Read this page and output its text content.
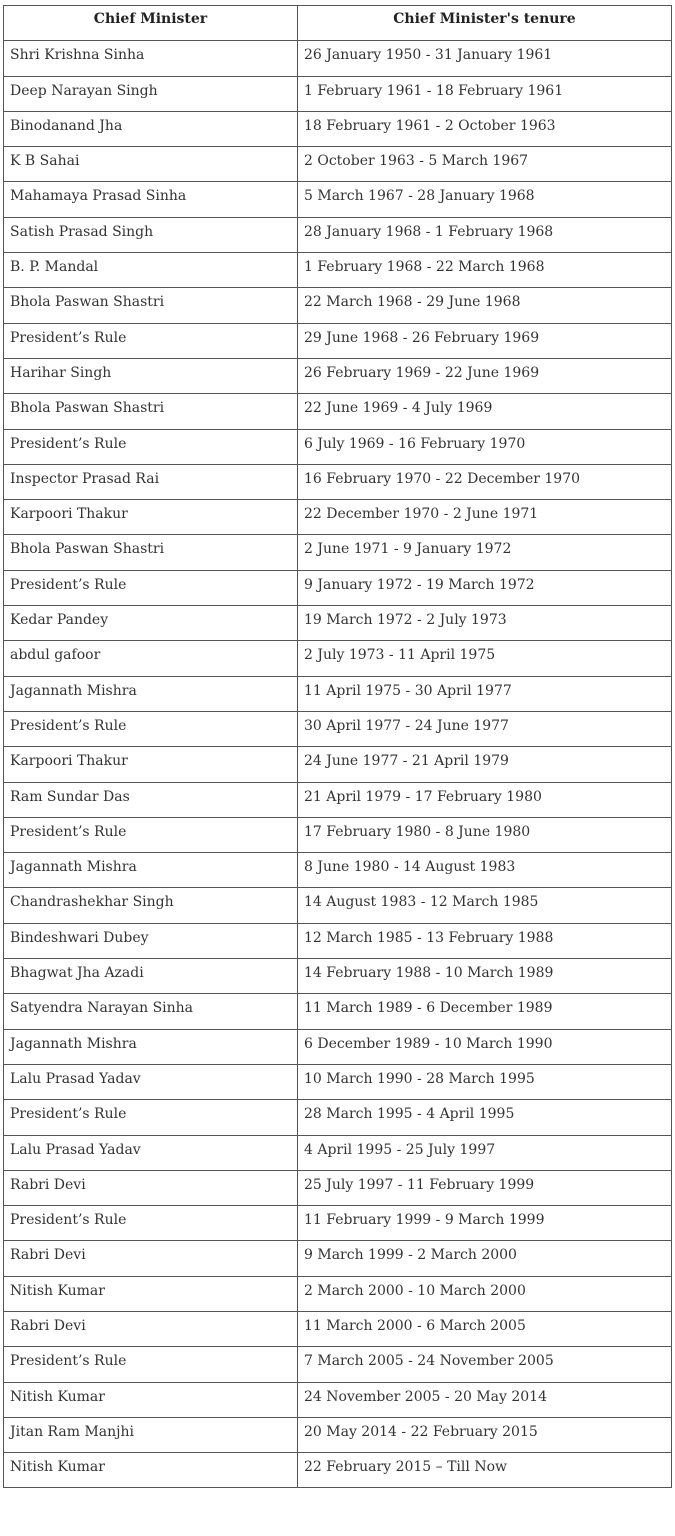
Chief Minister	Chief Minister's tenure
Shri Krishna Sinha	26 January 1950 - 31 January 1961
Deep Narayan Singh	1 February 1961 - 18 February 1961
Binodanand Jha	18 February 1961 - 2 October 1963
K B Sahai	2 October 1963 - 5 March 1967
Mahamaya Prasad Sinha	5 March 1967 - 28 January 1968
Satish Prasad Singh	28 January 1968 - 1 February 1968
B. P. Mandal	1 February 1968 - 22 March 1968
Bhola Paswan Shastri	22 March 1968 - 29 June 1968
President’s Rule	29 June 1968 - 26 February 1969
Harihar Singh	26 February 1969 - 22 June 1969
Bhola Paswan Shastri	22 June 1969 - 4 July 1969
President’s Rule	6 July 1969 - 16 February 1970
Inspector Prasad Rai	16 February 1970 - 22 December 1970
Karpoori Thakur	22 December 1970 - 2 June 1971
Bhola Paswan Shastri	2 June 1971 - 9 January 1972
President’s Rule	9 January 1972 - 19 March 1972
Kedar Pandey	19 March 1972 - 2 July 1973
abdul gafoor	2 July 1973 - 11 April 1975
Jagannath Mishra	11 April 1975 - 30 April 1977
President’s Rule	30 April 1977 - 24 June 1977
Karpoori Thakur	24 June 1977 - 21 April 1979
Ram Sundar Das	21 April 1979 - 17 February 1980
President’s Rule	17 February 1980 - 8 June 1980
Jagannath Mishra	8 June 1980 - 14 August 1983
Chandrashekhar Singh	14 August 1983 - 12 March 1985
Bindeshwari Dubey	12 March 1985 - 13 February 1988
Bhagwat Jha Azadi	14 February 1988 - 10 March 1989
Satyendra Narayan Sinha	11 March 1989 - 6 December 1989
Jagannath Mishra	6 December 1989 - 10 March 1990
Lalu Prasad Yadav	10 March 1990 - 28 March 1995
President’s Rule	28 March 1995 - 4 April 1995
Lalu Prasad Yadav	4 April 1995 - 25 July 1997
Rabri Devi	25 July 1997 - 11 February 1999
President’s Rule	11 February 1999 - 9 March 1999
Rabri Devi	9 March 1999 - 2 March 2000
Nitish Kumar	2 March 2000 - 10 March 2000
Rabri Devi	11 March 2000 - 6 March 2005
President’s Rule	7 March 2005 - 24 November 2005
Nitish Kumar	24 November 2005 - 20 May 2014
Jitan Ram Manjhi	20 May 2014 - 22 February 2015
Nitish Kumar	22 February 2015 – Till Now
